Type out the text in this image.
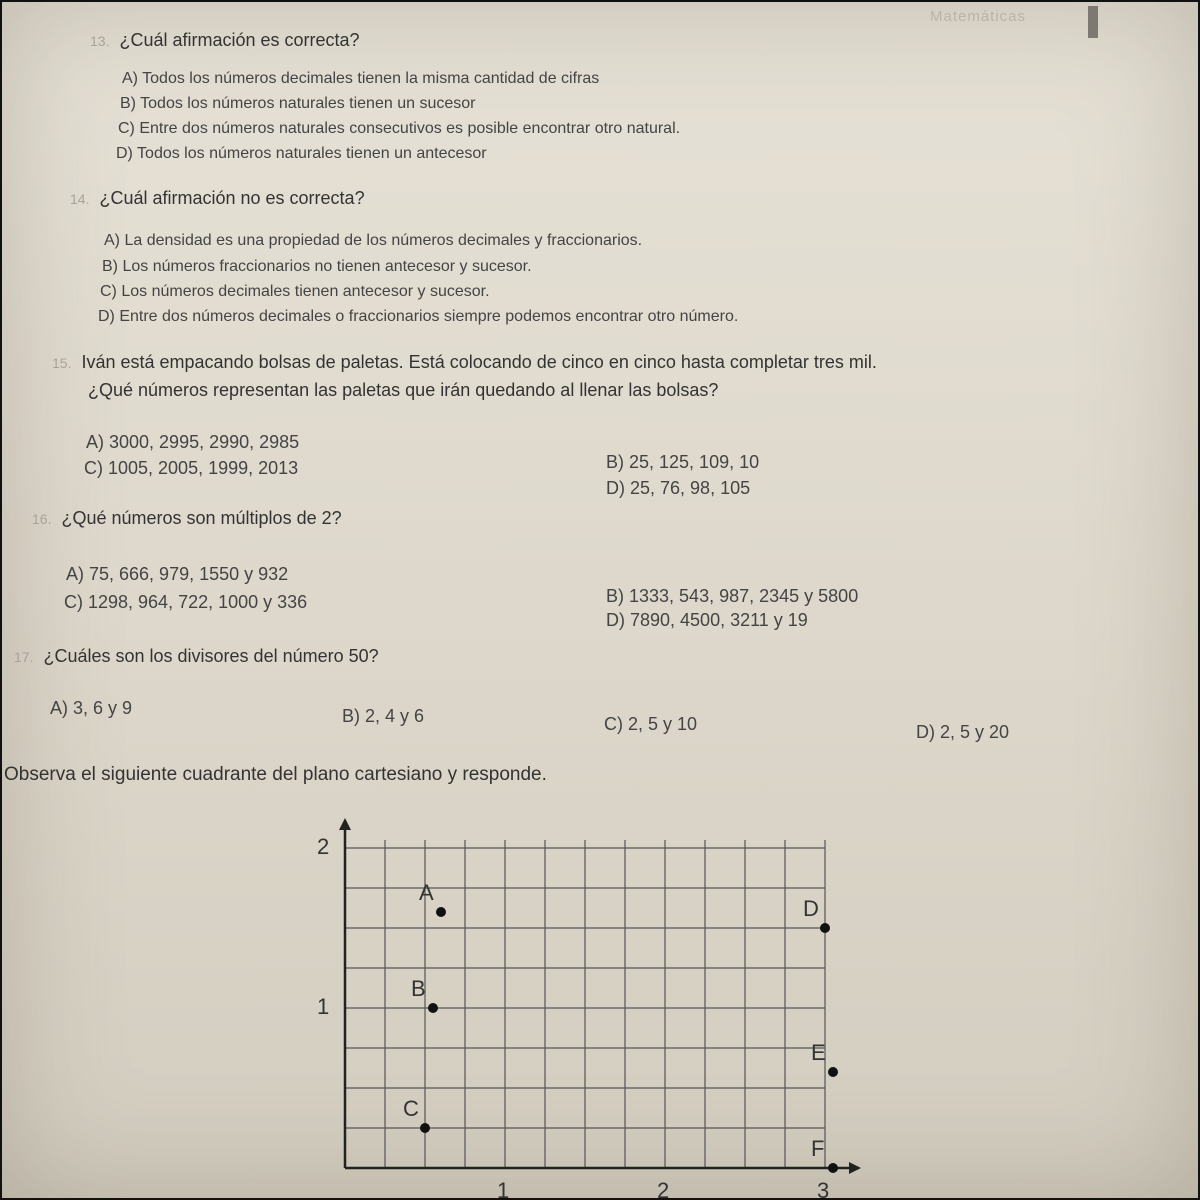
Matemáticas
13. ¿Cuál afirmación es correcta?
A) Todos los números decimales tienen la misma cantidad de cifras
B) Todos los números naturales tienen un sucesor
C) Entre dos números naturales consecutivos es posible encontrar otro natural.
D) Todos los números naturales tienen un antecesor
14. ¿Cuál afirmación no es correcta?
A) La densidad es una propiedad de los números decimales y fraccionarios.
B) Los números fraccionarios no tienen antecesor y sucesor.
C) Los números decimales tienen antecesor y sucesor.
D) Entre dos números decimales o fraccionarios siempre podemos encontrar otro número.
15. Iván está empacando bolsas de paletas. Está colocando de cinco en cinco hasta completar tres mil.
¿Qué números representan las paletas que irán quedando al llenar las bolsas?
A) 3000, 2995, 2990, 2985
B) 25, 125, 109, 10
C) 1005, 2005, 1999, 2013
D) 25, 76, 98, 105
16. ¿Qué números son múltiplos de 2?
A) 75, 666, 979, 1550 y 932
B) 1333, 543, 987, 2345 y 5800
C) 1298, 964, 722, 1000 y 336
D) 7890, 4500, 3211 y 19
17. ¿Cuáles son los divisores del número 50?
A) 3, 6 y 9	B) 2, 4 y 6	C) 2, 5 y 10	D) 2, 5 y 20
Observa el siguiente cuadrante del plano cartesiano y responde.
1
2
1	2	3
A
B
C
D
E
F
